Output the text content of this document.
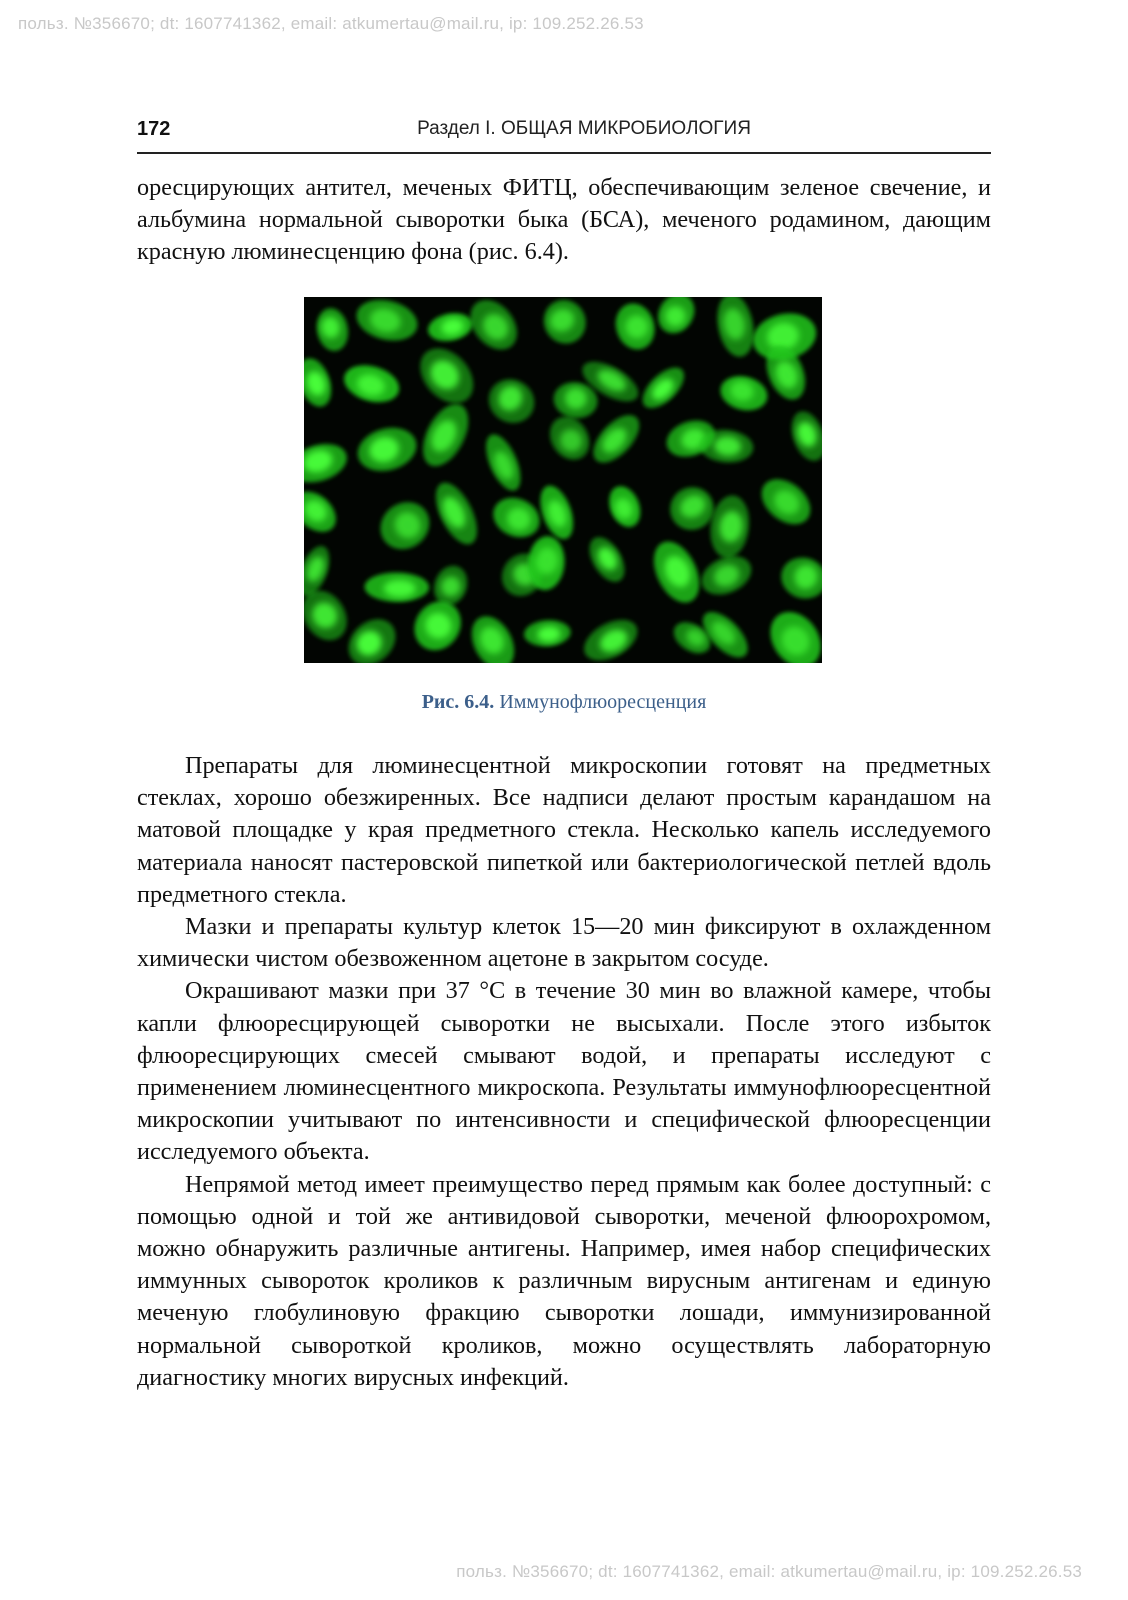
польз. №356670; dt: 1607741362, email: atkumertau@mail.ru, ip: 109.252.26.53
172	Раздел I. ОБЩАЯ МИКРОБИОЛОГИЯ

оресцирующих антител, меченых ФИТЦ, обеспечивающим зеленое свечение, и альбумина нормальной сыворотки быка (БСА), меченого родамином, дающим красную люминесценцию фона (рис. 6.4).

Рис. 6.4. Иммунофлюоресценция

Препараты для люминесцентной микроскопии готовят на предметных стеклах, хорошо обезжиренных. Все надписи делают простым карандашом на матовой площадке у края предметного стекла. Несколько капель исследуемого материала наносят пастеровской пипеткой или бактериологической петлей вдоль предметного стекла.

Мазки и препараты культур клеток 15—20 мин фиксируют в охлажденном химически чистом обезвоженном ацетоне в закрытом сосуде.

Окрашивают мазки при 37 °С в течение 30 мин во влажной камере, чтобы капли флюоресцирующей сыворотки не высыхали. После этого избыток флюоресцирующих смесей смывают водой, и препараты исследуют с применением люминесцентного микроскопа. Результаты иммунофлюоресцентной микроскопии учитывают по интенсивности и специфической флюоресценции исследуемого объекта.

Непрямой метод имеет преимущество перед прямым как более доступный: с помощью одной и той же антивидовой сыворотки, меченой флюорохромом, можно обнаружить различные антигены. Например, имея набор специфических иммунных сывороток кроликов к различным вирусным антигенам и единую меченую глобулиновую фракцию сыворотки лошади, иммунизированной нормальной сывороткой кроликов, можно осуществлять лабораторную диагностику многих вирусных инфекций.

польз. №356670; dt: 1607741362, email: atkumertau@mail.ru, ip: 109.252.26.53
